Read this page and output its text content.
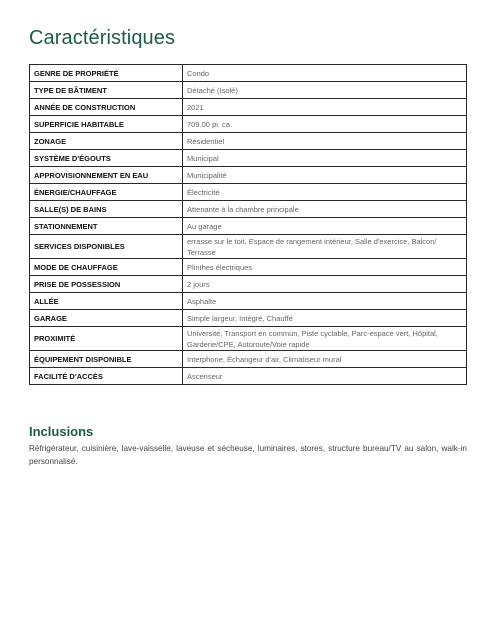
Caractéristiques
GENRE DE PROPRIÉTÉ	Condo
TYPE DE BÂTIMENT	Détaché (Isolé)
ANNÉE DE CONSTRUCTION	2021
SUPERFICIE HABITABLE	709.00 pi. ca.
ZONAGE	Résidentiel
SYSTÈME D'ÉGOUTS	Municipal
APPROVISIONNEMENT EN EAU	Municipalité
ÉNERGIE/CHAUFFAGE	Électricité
SALLE(S) DE BAINS	Attenante à la chambre principale
STATIONNEMENT	Au garage
SERVICES DISPONIBLES	errasse sur le toit, Espace de rangement intérieur, Salle d'exercice, Balcon/ Terrasse
MODE DE CHAUFFAGE	Plinthes électriques
PRISE DE POSSESSION	2 jours
ALLÉE	Asphalte
GARAGE	Simple largeur, Intégré, Chauffé
PROXIMITÉ	Université, Transport en commun, Piste cyclable, Parc-espace vert, Hôpital, Garderie/CPE, Autoroute/Voie rapide
ÉQUIPEMENT DISPONIBLE	Interphone, Échangeur d'air, Climatiseur mural
FACILITÉ D'ACCÈS	Ascenseur
Inclusions

Réfrigérateur, cuisinière, lave-vaisselle, laveuse et sécheuse, luminaires, stores, structure bureau/TV au salon, walk-in personnalisé.
